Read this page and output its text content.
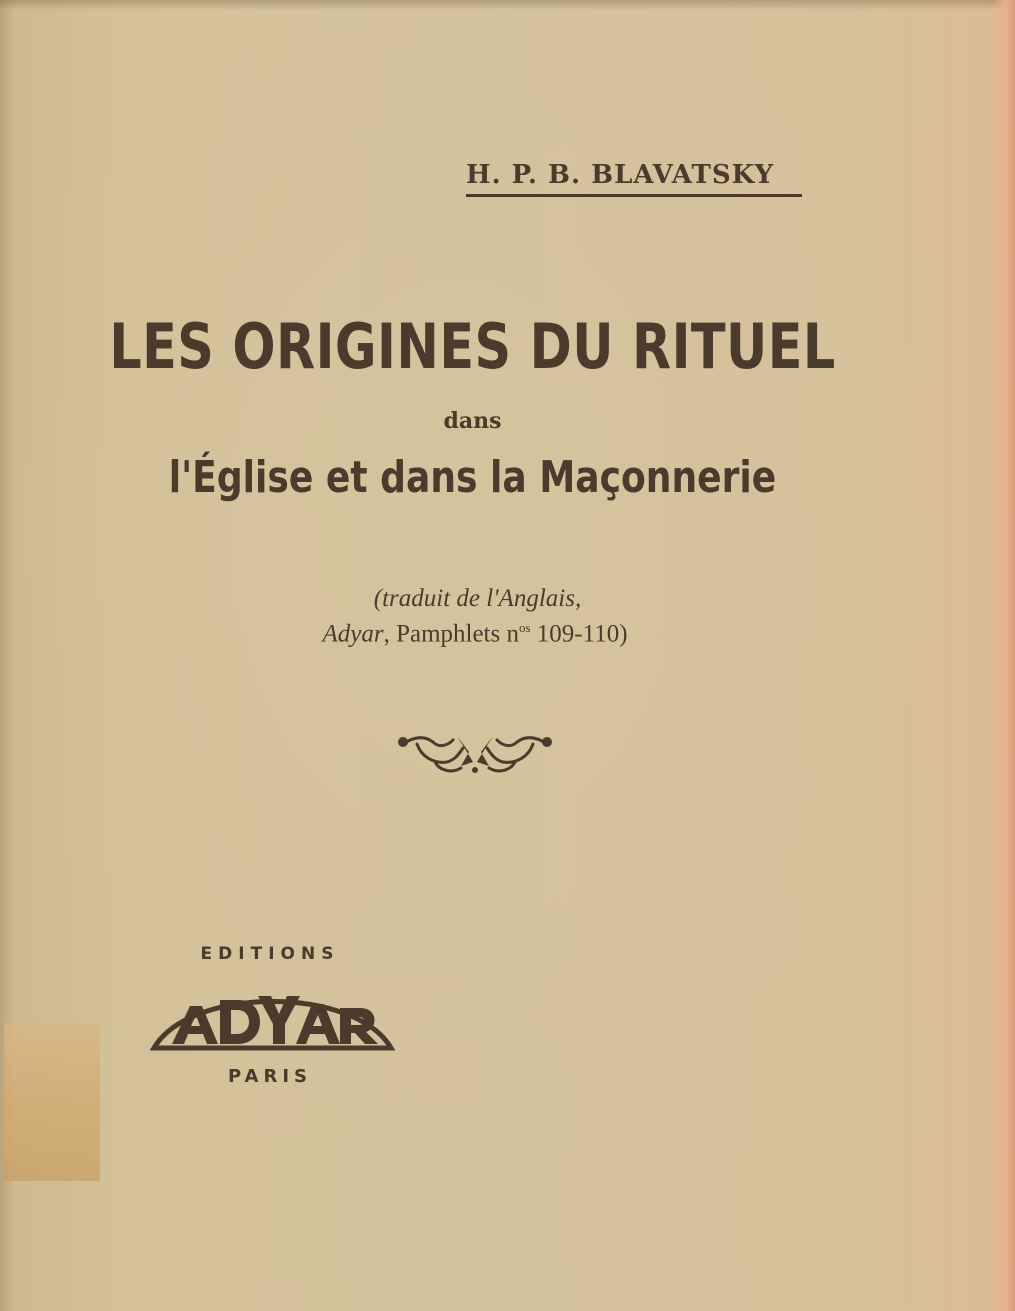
H. P. B. BLAVATSKY
LES ORIGINES DU RITUEL
dans
l'Église et dans la Maçonnerie
(traduit de l'Anglais,
Adyar, Pamphlets $n^{os}$ 109-110)
EDITIONS
ADYAR
PARIS
